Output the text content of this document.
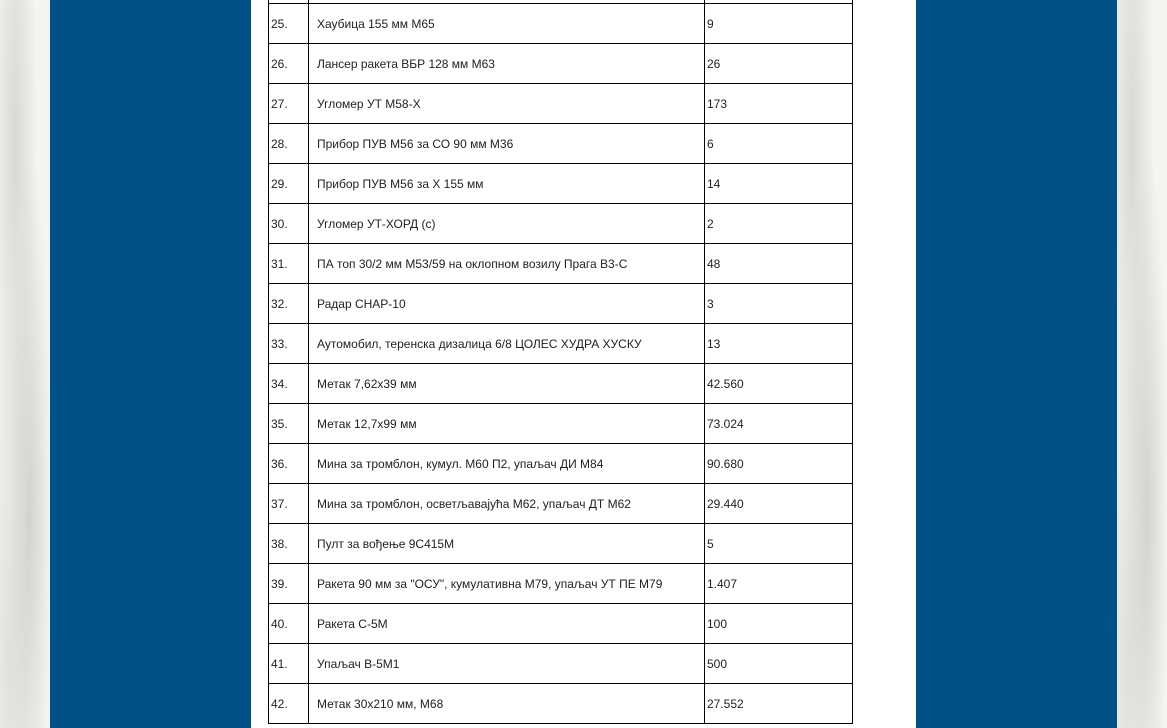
25.	Хаубица 155 мм М65	9
26.	Лансер ракета ВБР 128 мм М63	26
27.	Угломер УТ М58-Х	173
28.	Прибор ПУВ М56 за СО 90 мм М36	6
29.	Прибор ПУВ М56 за Х 155 мм	14
30.	Угломер УТ-ХОРД (с)	2
31.	ПА топ 30/2 мм М53/59 на оклопном возилу Прага В3-С	48
32.	Радар СНАР-10	3
33.	Аутомобил, теренска дизалица 6/8 ЦОЛЕС ХУДРА ХУСКУ	13
34.	Метак 7,62х39 мм	42.560
35.	Метак 12,7х99 мм	73.024
36.	Мина за тромблон, кумул. М60 П2, упаљач ДИ М84	90.680
37.	Мина за тромблон, осветљавајућа М62, упаљач ДТ М62	29.440
38.	Пулт за вођење 9С415М	5
39.	Ракета 90 мм за "ОСУ", кумулативна М79, упаљач УТ ПЕ М79	1.407
40.	Ракета С-5М	100
41.	Упаљач В-5М1	500
42.	Метак 30х210 мм, М68	27.552
